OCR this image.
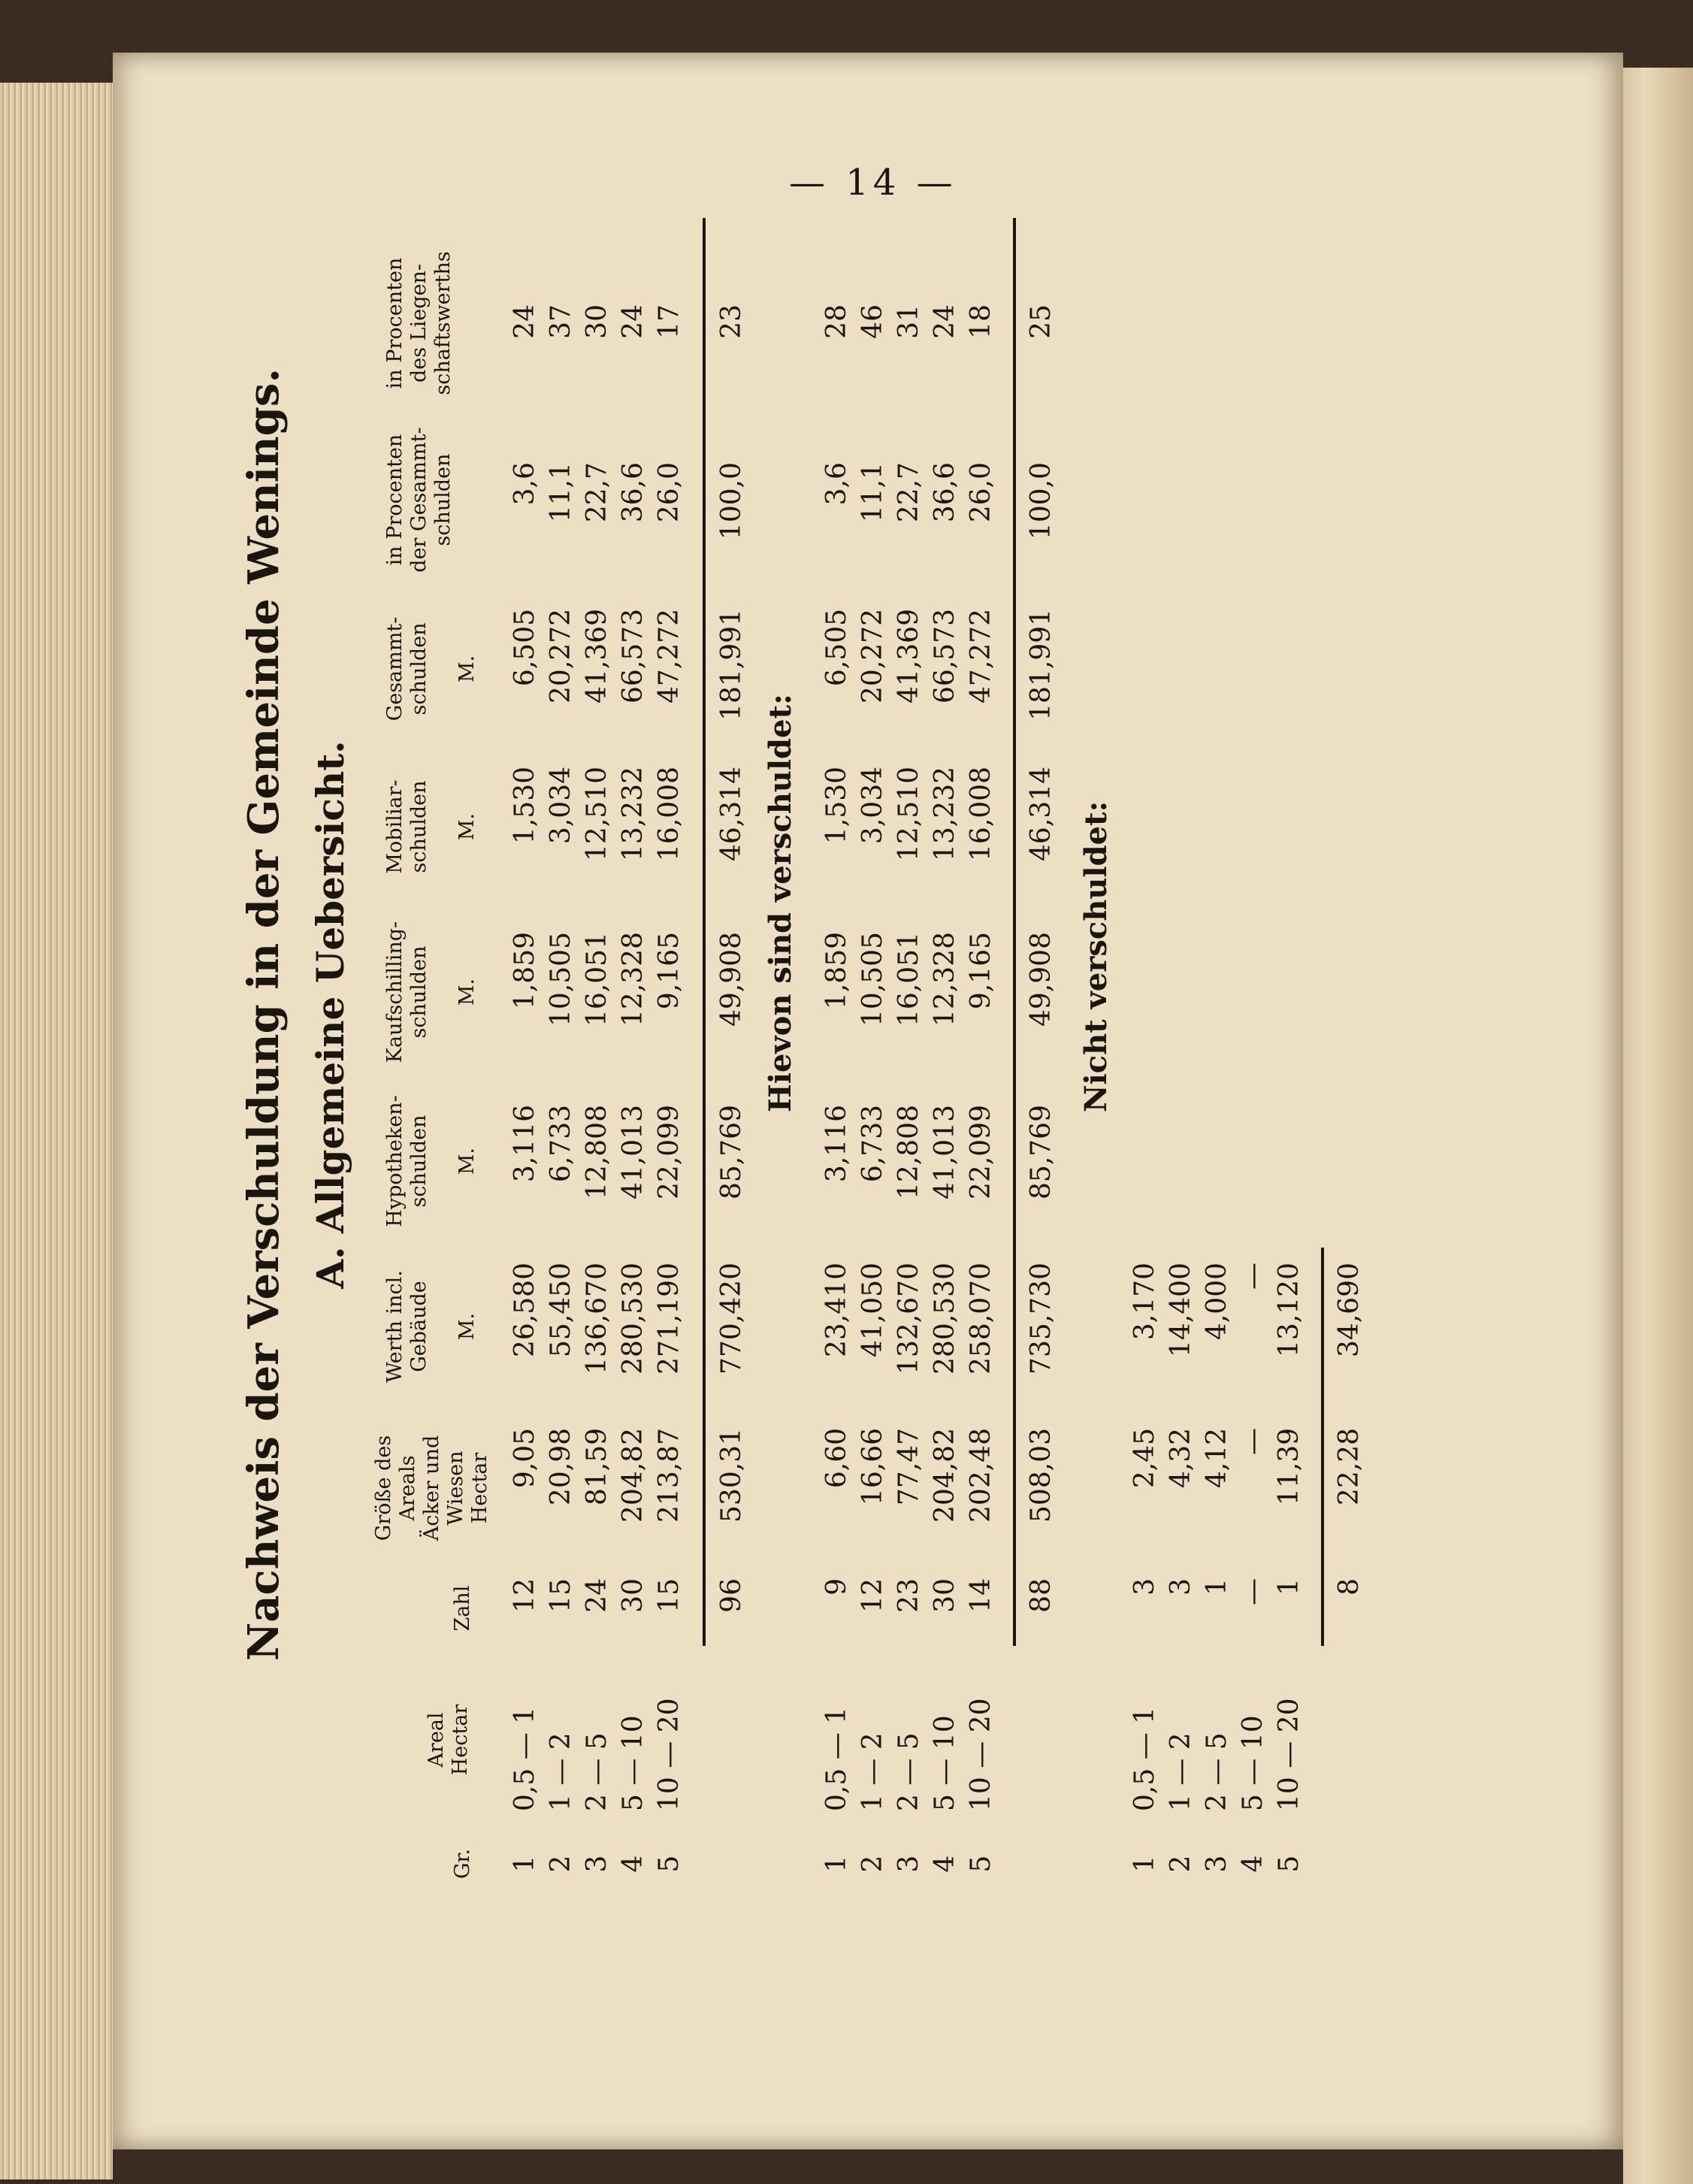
— 14 —
Nachweis der Verschuldung in der Gemeinde Wenings. A. Allgemeine Uebersicht.
Gr.
Areal
Hectar
Zahl
Größe des
Areals
Äcker und
Wiesen
Hectar
Werth incl.
Gebäude

M.
Hypotheken-
schulden

M.
Kaufschilling-
schulden

M.
Mobiliar-
schulden

M.
Gesammt-
schulden

M.
in Procenten
der Gesammt-
schulden
in Procenten
des Liegen-
schaftswerths
1
2
3
4
5
0,5 — 1
1 — 2
2 — 5
5 — 10
10 — 20
12
15
24
30
15
9,05
20,98
81,59
204,82
213,87
26,580
55,450
136,670
280,530
271,190
3,116
6,733
12,808
41,013
22,099
1,859
10,505
16,051
12,328
9,165
1,530
3,034
12,510
13,232
16,008
6,505
20,272
41,369
66,573
47,272
3,6
11,1
22,7
36,6
26,0
24
37
30
24
17
96
530,31
770,420
85,769
49,908
46,314
181,991
100,0
23
Hievon sind verschuldet:
1
2
3
4
5
0,5 — 1
1 — 2
2 — 5
5 — 10
10 — 20
9
12
23
30
14
6,60
16,66
77,47
204,82
202,48
23,410
41,050
132,670
280,530
258,070
3,116
6,733
12,808
41,013
22,099
1,859
10,505
16,051
12,328
9,165
1,530
3,034
12,510
13,232
16,008
6,505
20,272
41,369
66,573
47,272
3,6
11,1
22,7
36,6
26,0
28
46
31
24
18
88
508,03
735,730
85,769
49,908
46,314
181,991
100,0
25
Nicht verschuldet:
1
2
3
4
5
0,5 — 1
1 — 2
2 — 5
5 — 10
10 — 20
3
3
1
—
1
2,45
4,32
4,12
—
11,39
3,170
14,400
4,000
—
13,120
8
22,28
34,690
